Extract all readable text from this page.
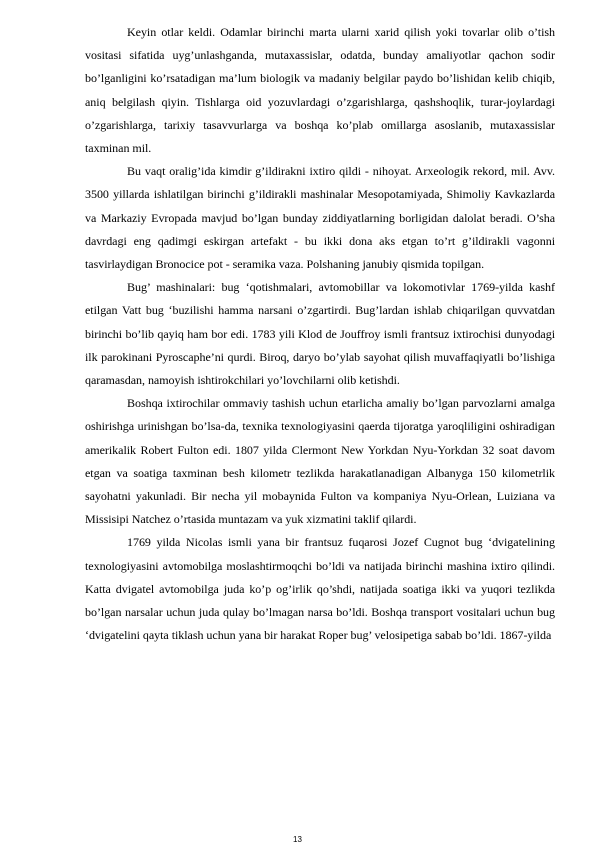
Keyin otlar keldi. Odamlar birinchi marta ularni xarid qilish yoki tovarlar olib o’tish vositasi sifatida uyg’unlashganda, mutaxassislar, odatda, bunday amaliyotlar qachon sodir bo’lganligini ko’rsatadigan ma’lum biologik va madaniy belgilar paydo bo’lishidan kelib chiqib, aniq belgilash qiyin. Tishlarga oid yozuvlardagi o’zgarishlarga, qashshoqlik, turar-joylardagi o’zgarishlarga, tarixiy tasavvurlarga va boshqa ko’plab omillarga asoslanib, mutaxassislar taxminan mil.

Bu vaqt oralig’ida kimdir g’ildirakni ixtiro qildi - nihoyat. Arxeologik rekord, mil. Avv. 3500 yillarda ishlatilgan birinchi g’ildirakli mashinalar Mesopotamiyada, Shimoliy Kavkazlarda va Markaziy Evropada mavjud bo’lgan bunday ziddiyatlarning borligidan dalolat beradi. O’sha davrdagi eng qadimgi eskirgan artefakt - bu ikki dona aks etgan to’rt g’ildirakli vagonni tasvirlaydigan Bronocice pot - seramika vaza. Polshaning janubiy qismida topilgan.

Bug’ mashinalari: bug ‘qotishmalari, avtomobillar va lokomotivlar 1769-yilda kashf etilgan Vatt bug ‘buzilishi hamma narsani o’zgartirdi. Bug’lardan ishlab chiqarilgan quvvatdan birinchi bo’lib qayiq ham bor edi. 1783 yili Klod de Jouffroy ismli frantsuz ixtirochisi dunyodagi ilk parokinani Pyroscaphe’ni qurdi. Biroq, daryo bo’ylab sayohat qilish muvaffaqiyatli bo’lishiga qaramasdan, namoyish ishtirokchilari yo’lovchilarni olib ketishdi.

Boshqa ixtirochilar ommaviy tashish uchun etarlicha amaliy bo’lgan parvozlarni amalga oshirishga urinishgan bo’lsa-da, texnika texnologiyasini qaerda tijoratga yaroqliligini oshiradigan amerikalik Robert Fulton edi. 1807 yilda Clermont New Yorkdan Nyu-Yorkdan 32 soat davom etgan va soatiga taxminan besh kilometr tezlikda harakatlanadigan Albanyga 150 kilometrlik sayohatni yakunladi. Bir necha yil mobaynida Fulton va kompaniya Nyu-Orlean, Luiziana va Missisipi Natchez o’rtasida muntazam va yuk xizmatini taklif qilardi.

1769 yilda Nicolas ismli yana bir frantsuz fuqarosi Jozef Cugnot bug ‘dvigatelining texnologiyasini avtomobilga moslashtirmoqchi bo’ldi va natijada birinchi mashina ixtiro qilindi. Katta dvigatel avtomobilga juda ko’p og’irlik qo’shdi, natijada soatiga ikki va yuqori tezlikda bo’lgan narsalar uchun juda qulay bo’lmagan narsa bo’ldi. Boshqa transport vositalari uchun bug ‘dvigatelini qayta tiklash uchun yana bir harakat Roper bug’ velosipetiga sabab bo’ldi. 1867-yilda

13
